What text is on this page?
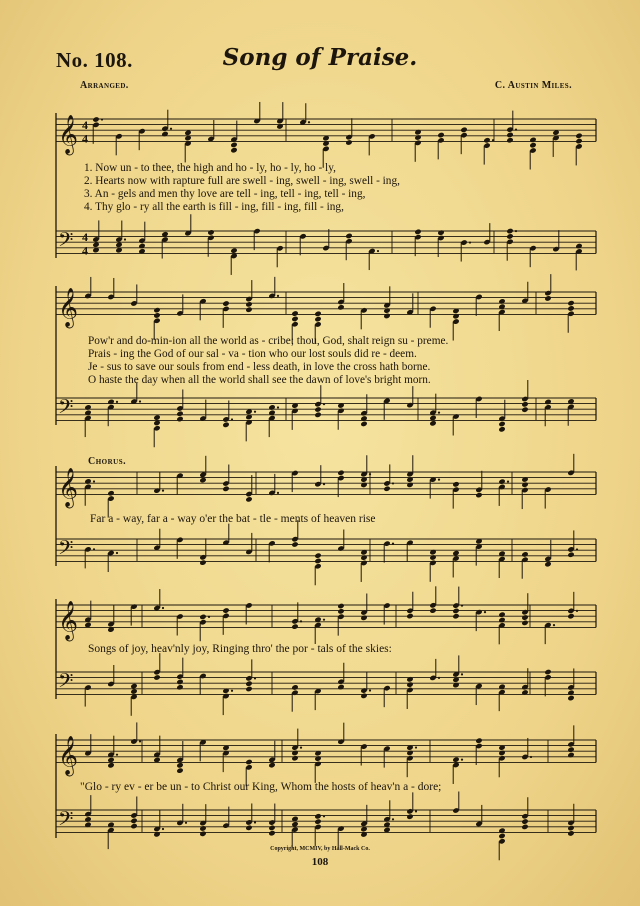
No. 108.	Song of Praise.
Arranged.	C. Austin Miles.
𝄞 4
4
𝄢 4
4
𝄞
𝄢
𝄞
𝄢
𝄞
𝄢
𝄞
𝄢
1. Now un - to thee, the high and ho - ly, ho - ly, ho - ly,
2. Hearts now with rapture full are swell - ing, swell - ing, swell - ing,
3. An - gels and men thy love are tell - ing, tell - ing, tell - ing,
4. Thy glo - ry all the earth is fill - ing, fill - ing, fill - ing,
Pow'r and do-min-ion all the world as - cribe; thou, God, shalt reign su - preme.
Prais - ing the God of our sal - va - tion who our lost souls did re - deem.
Je - sus to save our souls from end - less death, in love the cross hath borne.
O haste the day when all the world shall see the dawn of love's bright morn.
Chorus.
Far a - way, far a - way o'er the bat - tle - ments of heaven rise
Songs of joy, heav'nly joy, Ringing thro' the por - tals of the skies:
"Glo - ry ev - er be un - to Christ our King, Whom the hosts of heav'n a - dore;
Copyright, MCMIV, by Hall-Mack Co.
108
